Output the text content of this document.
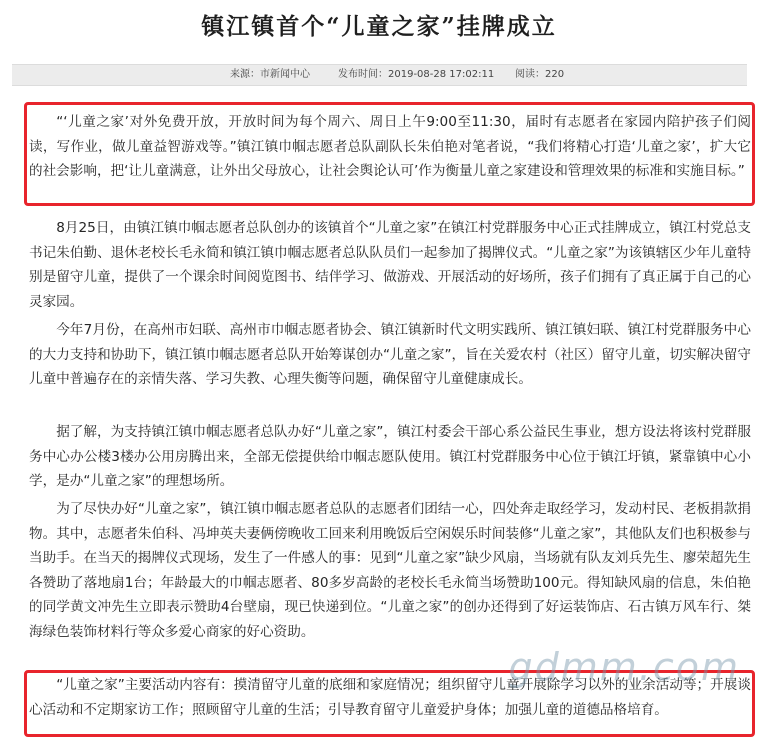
镇江镇首个“儿童之家”挂牌成立
来源：市新闻中心	发布时间：2019-08-28 17:02:11 阅读：220

“‘儿童之家’对外免费开放，开放时间为每个周六、周日上午9:00至11:30，届时有志愿者在家园内陪护孩子们阅读，写作业，做儿童益智游戏等。”镇江镇巾帼志愿者总队副队长朱伯艳对笔者说，“我们将精心打造‘儿童之家’，扩大它的社会影响，把‘让儿童满意，让外出父母放心，让社会舆论认可’作为衡量儿童之家建设和管理效果的标准和实施目标。”

8月25日，由镇江镇巾帼志愿者总队创办的该镇首个“儿童之家”在镇江村党群服务中心正式挂牌成立，镇江村党总支书记朱伯勤、退休老校长毛永简和镇江镇巾帼志愿者总队队员们一起参加了揭牌仪式。“儿童之家”为该镇辖区少年儿童特别是留守儿童，提供了一个课余时间阅览图书、结伴学习、做游戏、开展活动的好场所，孩子们拥有了真正属于自己的心灵家园。

今年7月份，在高州市妇联、高州市巾帼志愿者协会、镇江镇新时代文明实践所、镇江镇妇联、镇江村党群服务中心的大力支持和协助下，镇江镇巾帼志愿者总队开始筹谋创办“儿童之家”，旨在关爱农村（社区）留守儿童，切实解决留守儿童中普遍存在的亲情失落、学习失教、心理失衡等问题，确保留守儿童健康成长。

据了解，为支持镇江镇巾帼志愿者总队办好“儿童之家”，镇江村委会干部心系公益民生事业，想方设法将该村党群服务中心办公楼3楼办公用房腾出来，全部无偿提供给巾帼志愿队使用。镇江村党群服务中心位于镇江圩镇，紧靠镇中心小学，是办“儿童之家”的理想场所。

为了尽快办好“儿童之家”，镇江镇巾帼志愿者总队的志愿者们团结一心，四处奔走取经学习，发动村民、老板捐款捐物。其中，志愿者朱伯科、冯坤英夫妻俩傍晚收工回来利用晚饭后空闲娱乐时间装修“儿童之家”，其他队友们也积极参与当助手。在当天的揭牌仪式现场，发生了一件感人的事：见到“儿童之家”缺少风扇，当场就有队友刘兵先生、廖荣超先生各赞助了落地扇1台；年龄最大的巾帼志愿者、80多岁高龄的老校长毛永简当场赞助100元。得知缺风扇的信息，朱伯艳的同学黄文冲先生立即表示赞助4台壁扇，现已快递到位。“儿童之家”的创办还得到了好运装饰店、石古镇万风车行、桀海绿色装饰材料行等众多爱心商家的好心资助。

“儿童之家”主要活动内容有：摸清留守儿童的底细和家庭情况；组织留守儿童开展除学习以外的业余活动等；开展谈心活动和不定期家访工作；照顾留守儿童的生活；引导教育留守儿童爱护身体；加强儿童的道德品格培育。

gdmm.com
